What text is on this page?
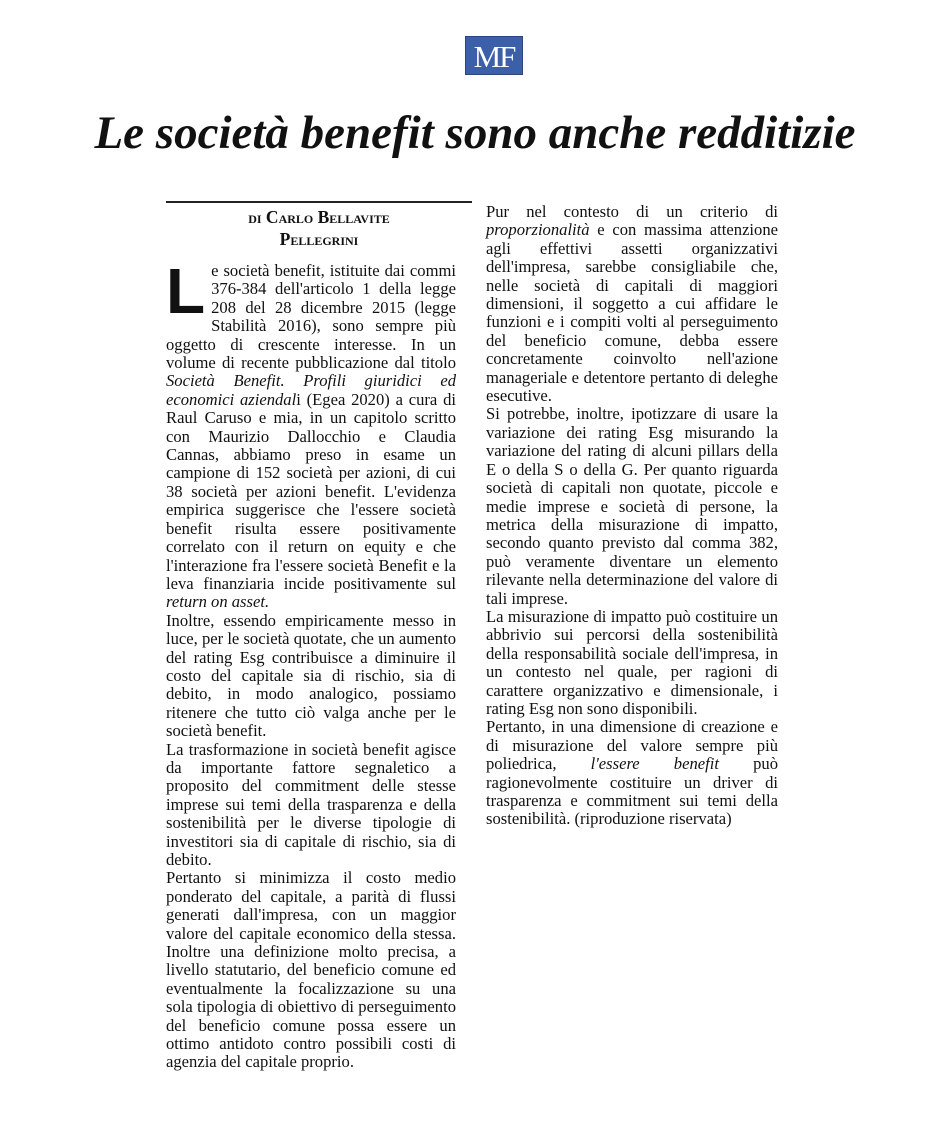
MF
Le società benefit sono anche redditizie
di Carlo Bellavite
Pellegrini

Le società benefit, istituite dai commi 376-384 dell'articolo 1 della legge 208 del 28 dicembre 2015 (legge Stabilità 2016), sono sempre più oggetto di crescente interesse. In un volume di recente pubblicazione dal titolo Società Benefit. Profili giuridici ed economici aziendali (Egea 2020) a cura di Raul Caruso e mia, in un capitolo scritto con Maurizio Dallocchio e Claudia Cannas, abbiamo preso in esame un campione di 152 società per azioni, di cui 38 società per azioni benefit. L'evidenza empirica suggerisce che l'essere società benefit risulta essere positivamente correlato con il return on equity e che l'interazione fra l'essere società Benefit e la leva finanziaria incide positivamente sul return on asset.

Inoltre, essendo empiricamente messo in luce, per le società quotate, che un aumento del rating Esg contribuisce a diminuire il costo del capitale sia di rischio, sia di debito, in modo analogico, possiamo ritenere che tutto ciò valga anche per le società benefit.

La trasformazione in società benefit agisce da importante fattore segnaletico a proposito del commitment delle stesse imprese sui temi della trasparenza e della sostenibilità per le diverse tipologie di investitori sia di capitale di rischio, sia di debito.

Pertanto si minimizza il costo medio ponderato del capitale, a parità di flussi generati dall'impresa, con un maggior valore del capitale economico della stessa. Inoltre una definizione molto precisa, a livello statutario, del beneficio comune ed eventualmente la focalizzazione su una sola tipologia di obiettivo di perseguimento del beneficio comune possa essere un ottimo antidoto contro possibili costi di agenzia del capitale proprio.

Pur nel contesto di un criterio di proporzionalità e con massima attenzione agli effettivi assetti organizzativi dell'impresa, sarebbe consigliabile che, nelle società di capitali di maggiori dimensioni, il soggetto a cui affidare le funzioni e i compiti volti al perseguimento del beneficio comune, debba essere concretamente coinvolto nell'azione manageriale e detentore pertanto di deleghe esecutive.

Si potrebbe, inoltre, ipotizzare di usare la variazione dei rating Esg misurando la variazione del rating di alcuni pillars della E o della S o della G. Per quanto riguarda società di capitali non quotate, piccole e medie imprese e società di persone, la metrica della misurazione di impatto, secondo quanto previsto dal comma 382, può veramente diventare un elemento rilevante nella determinazione del valore di tali imprese.

La misurazione di impatto può costituire un abbrivio sui percorsi della sostenibilità della responsabilità sociale dell'impresa, in un contesto nel quale, per ragioni di carattere organizzativo e dimensionale, i rating Esg non sono disponibili.

Pertanto, in una dimensione di creazione e di misurazione del valore sempre più poliedrica, l'essere benefit può ragionevolmente costituire un driver di trasparenza e commitment sui temi della sostenibilità. (riproduzione riservata)
